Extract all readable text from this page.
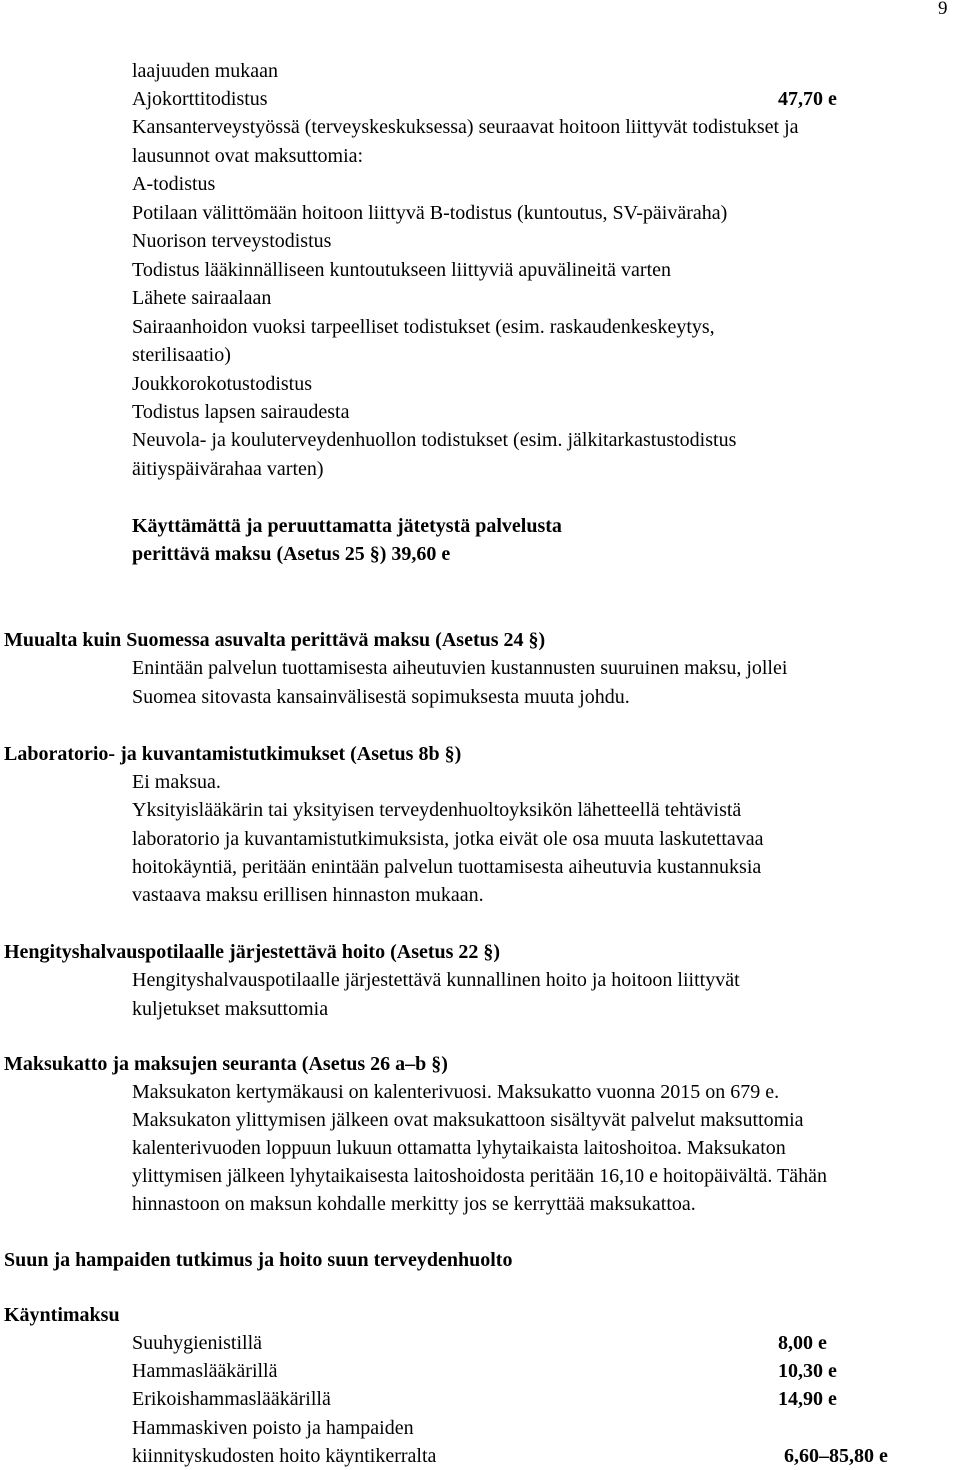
9
laajuuden mukaan
Ajokorttitodistus	47,70 e
Kansanterveystyössä (terveyskeskuksessa) seuraavat hoitoon liittyvät todistukset ja
lausunnot ovat maksuttomia:
A-todistus
Potilaan välittömään hoitoon liittyvä B-todistus (kuntoutus, SV-päiväraha)
Nuorison terveystodistus
Todistus lääkinnälliseen kuntoutukseen liittyviä apuvälineitä varten
Lähete sairaalaan
Sairaanhoidon vuoksi tarpeelliset todistukset (esim. raskaudenkeskeytys,
sterilisaatio)
Joukkorokotustodistus
Todistus lapsen sairaudesta
Neuvola- ja kouluterveydenhuollon todistukset (esim. jälkitarkastustodistus
äitiyspäivärahaa varten)
Käyttämättä ja peruuttamatta jätetystä palvelusta
perittävä maksu (Asetus 25 §) 39,60 e
Muualta kuin Suomessa asuvalta perittävä maksu (Asetus 24 §)
Enintään palvelun tuottamisesta aiheutuvien kustannusten suuruinen maksu, jollei
Suomea sitovasta kansainvälisestä sopimuksesta muuta johdu.
Laboratorio- ja kuvantamistutkimukset (Asetus 8b §)
Ei maksua.
Yksityislääkärin tai yksityisen terveydenhuoltoyksikön lähetteellä tehtävistä
laboratorio ja kuvantamistutkimuksista, jotka eivät ole osa muuta laskutettavaa
hoitokäyntiä, peritään enintään palvelun tuottamisesta aiheutuvia kustannuksia
vastaava maksu erillisen hinnaston mukaan.
Hengityshalvauspotilaalle järjestettävä hoito (Asetus 22 §)
Hengityshalvauspotilaalle järjestettävä kunnallinen hoito ja hoitoon liittyvät
kuljetukset maksuttomia
Maksukatto ja maksujen seuranta (Asetus 26 a–b §)
Maksukaton kertymäkausi on kalenterivuosi. Maksukatto vuonna 2015 on 679 e.
Maksukaton ylittymisen jälkeen ovat maksukattoon sisältyvät palvelut maksuttomia
kalenterivuoden loppuun lukuun ottamatta lyhytaikaista laitoshoitoa. Maksukaton
ylittymisen jälkeen lyhytaikaisesta laitoshoidosta peritään 16,10 e hoitopäivältä. Tähän
hinnastoon on maksun kohdalle merkitty jos se kerryttää maksukattoa.
Suun ja hampaiden tutkimus ja hoito suun terveydenhuolto
Käyntimaksu
Suuhygienistillä	8,00 e
Hammaslääkärillä	10,30 e
Erikoishammaslääkärillä	14,90 e
Hammaskiven poisto ja hampaiden
kiinnityskudosten hoito käyntikerralta	6,60–85,80 e
